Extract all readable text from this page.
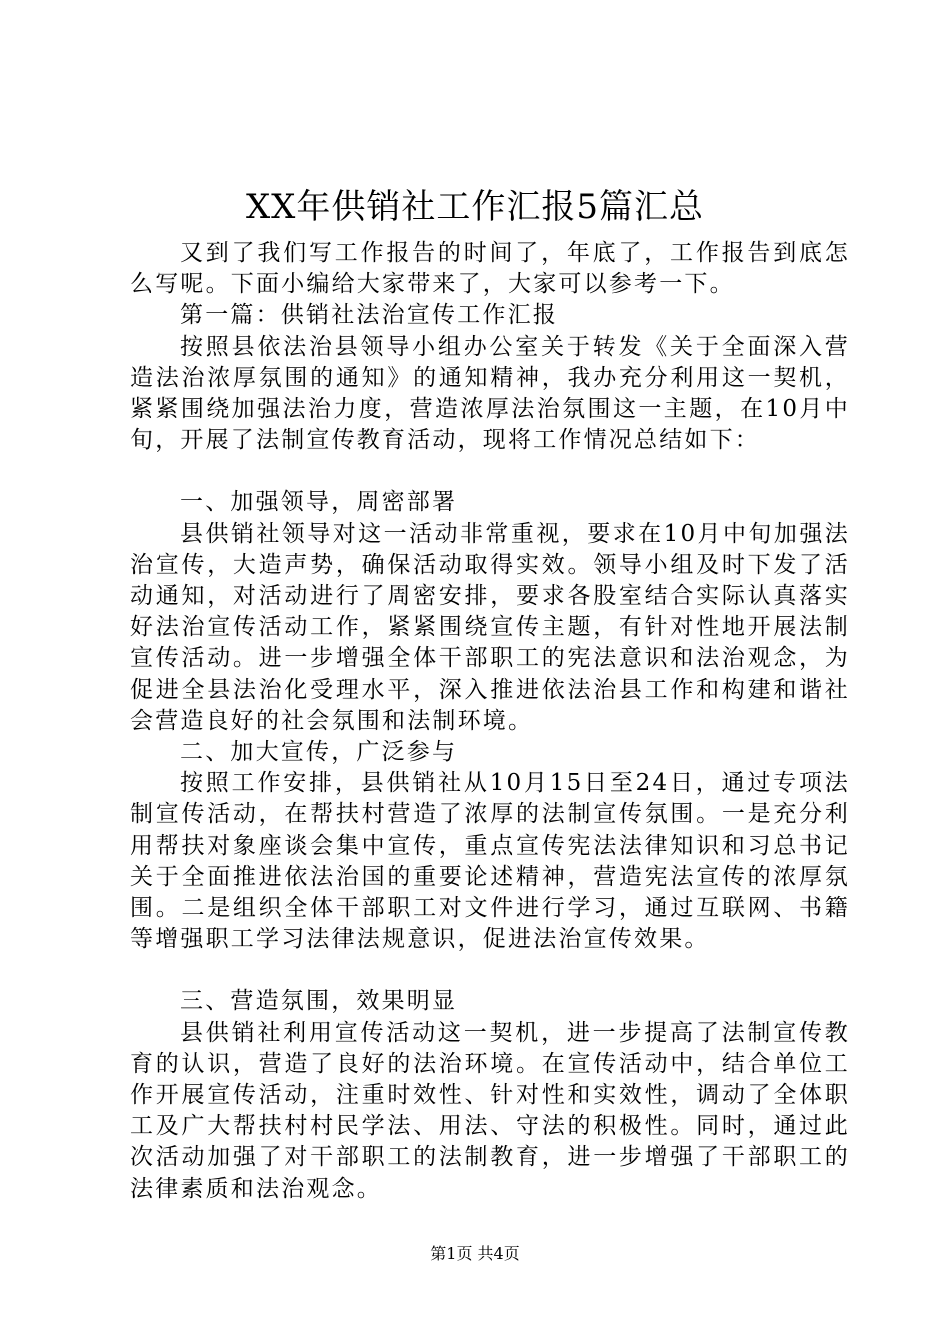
XX年供销社工作汇报5篇汇总

又到了我们写工作报告的时间了，年底了，工作报告到底怎么写呢。下面小编给大家带来了，大家可以参考一下。

第一篇：供销社法治宣传工作汇报

按照县依法治县领导小组办公室关于转发《关于全面深入营造法治浓厚氛围的通知》的通知精神，我办充分利用这一契机，紧紧围绕加强法治力度，营造浓厚法治氛围这一主题，在10月中旬，开展了法制宣传教育活动，现将工作情况总结如下：

一、加强领导，周密部署

县供销社领导对这一活动非常重视，要求在10月中旬加强法治宣传，大造声势，确保活动取得实效。领导小组及时下发了活动通知，对活动进行了周密安排，要求各股室结合实际认真落实好法治宣传活动工作，紧紧围绕宣传主题，有针对性地开展法制宣传活动。进一步增强全体干部职工的宪法意识和法治观念，为促进全县法治化受理水平，深入推进依法治县工作和构建和谐社会营造良好的社会氛围和法制环境。

二、加大宣传，广泛参与

按照工作安排，县供销社从10月15日至24日，通过专项法制宣传活动，在帮扶村营造了浓厚的法制宣传氛围。一是充分利用帮扶对象座谈会集中宣传，重点宣传宪法法律知识和习总书记关于全面推进依法治国的重要论述精神，营造宪法宣传的浓厚氛围。二是组织全体干部职工对文件进行学习，通过互联网、书籍等增强职工学习法律法规意识，促进法治宣传效果。

三、营造氛围，效果明显

县供销社利用宣传活动这一契机，进一步提高了法制宣传教育的认识，营造了良好的法治环境。在宣传活动中，结合单位工作开展宣传活动，注重时效性、针对性和实效性，调动了全体职工及广大帮扶村村民学法、用法、守法的积极性。同时，通过此次活动加强了对干部职工的法制教育，进一步增强了干部职工的法律素质和法治观念。

第1页 共4页
